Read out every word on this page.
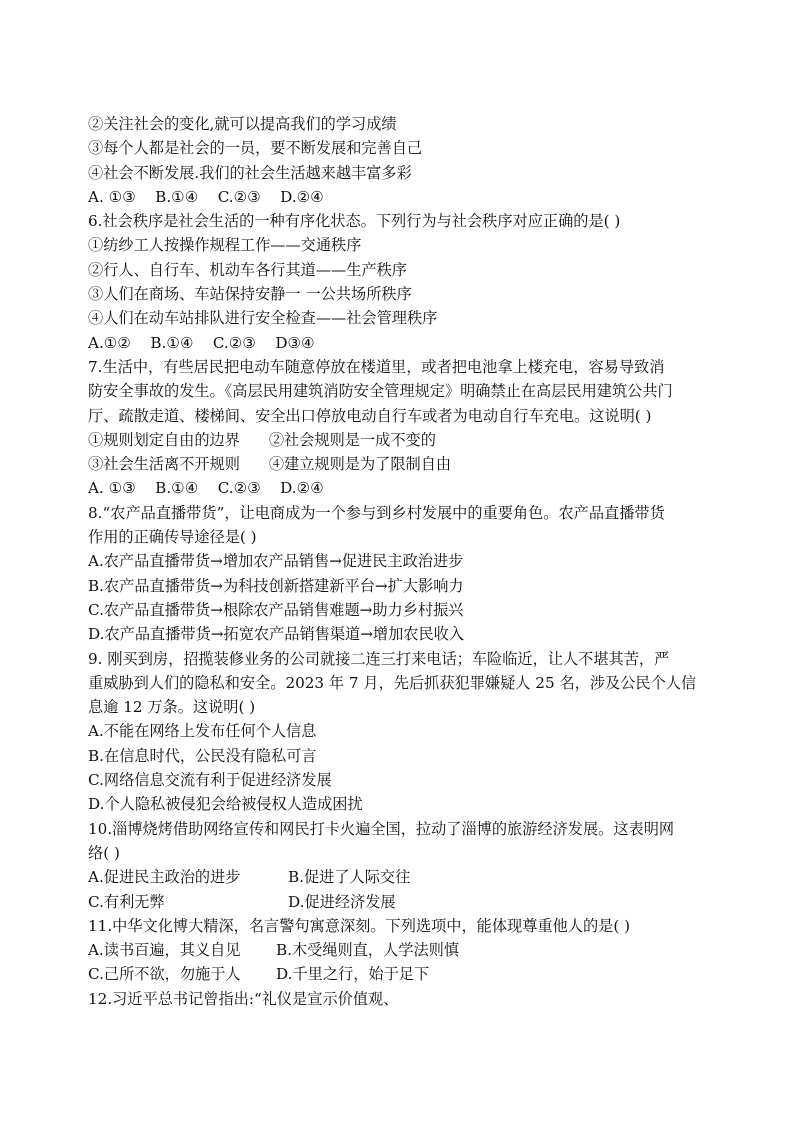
②关注社会的变化,就可以提高我们的学习成绩
③每个人都是社会的一员，要不断发展和完善自己
④社会不断发展.我们的社会生活越来越丰富多彩
A. ①③    B.①④    C.②③    D.②④
6.社会秩序是社会生活的一种有序化状态。下列行为与社会秩序对应正确的是( )
①纺纱工人按操作规程工作——交通秩序
②行人、自行车、机动车各行其道——生产秩序
③人们在商场、车站保持安静一 一公共场所秩序
④人们在动车站排队进行安全检查——社会管理秩序
A.①②    B.①④    C.②③    D③④
7.生活中，有些居民把电动车随意停放在楼道里，或者把电池拿上楼充电，容易导致消
防安全事故的发生。《高层民用建筑消防安全管理规定》明确禁止在高层民用建筑公共门
厅、疏散走道、楼梯间、安全出口停放电动自行车或者为电动自行车充电。这说明( )
①规则划定自由的边界      ②社会规则是一成不变的
③社会生活离不开规则      ④建立规则是为了限制自由
A. ①③    B.①④    C.②③    D.②④
8.“农产品直播带货”，让电商成为一个参与到乡村发展中的重要角色。农产品直播带货
作用的正确传导途径是( )
A.农产品直播带货→增加农产品销售→促进民主政治进步
B.农产品直播带货→为科技创新搭建新平台→扩大影响力
C.农产品直播带货→根除农产品销售难题→助力乡村振兴
D.农产品直播带货→拓宽农产品销售渠道→增加农民收入
9. 刚买到房，招揽装修业务的公司就接二连三打来电话；车险临近，让人不堪其苦，严
重威胁到人们的隐私和安全。2023 年 7 月，先后抓获犯罪嫌疑人 25 名，涉及公民个人信
息逾 12 万条。这说明( )
A.不能在网络上发布任何个人信息
B.在信息时代，公民没有隐私可言
C.网络信息交流有利于促进经济发展
D.个人隐私被侵犯会给被侵权人造成困扰
10.淄博烧烤借助网络宣传和网民打卡火遍全国，拉动了淄博的旅游经济发展。这表明网
络( )
A.促进民主政治的进步	B.促进了人际交往
C.有利无弊	D.促进经济发展
11.中华文化博大精深，名言警句寓意深刻。下列选项中，能体现尊重他人的是( )
A.读书百遍，其义自见 B.木受绳则直，人学法则慎
C.己所不欲，勿施于人 D.千里之行，始于足下
12.习近平总书记曾指出:“礼仪是宣示价值观、
